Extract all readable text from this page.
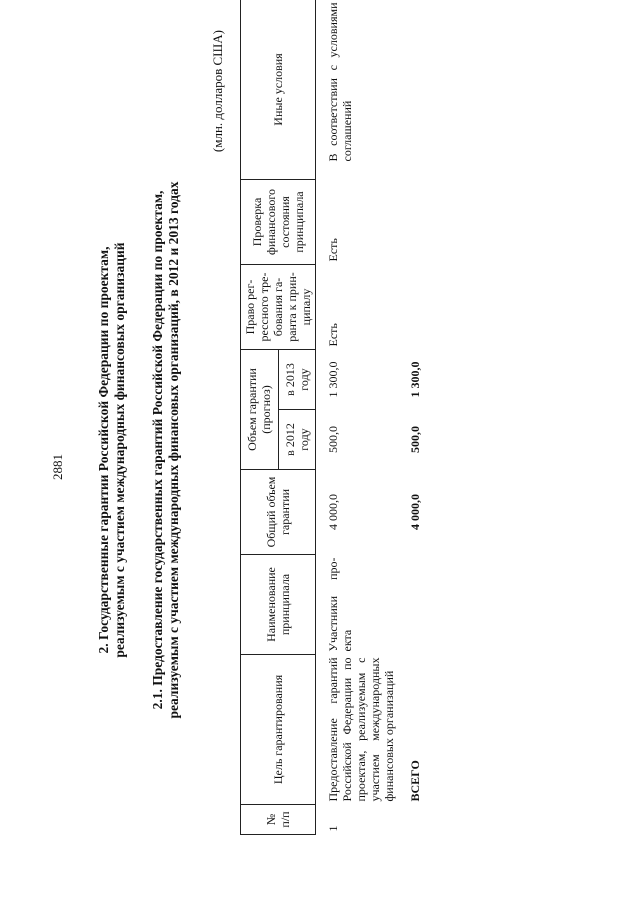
2881 2. Государственные гарантии Российской Федерации по проектам, реализуемым с участием международных финансовых организаций 2.1. Предоставление государственных гарантий Российской Федерации по проектам, реализуемым с участием международных финансовых организаций, в 2012 и 2013 годах
(млн. долларов США)
№ п/п	Цель гарантирования	Наименование принципала	Общий объем гарантии	Объем гарантии (прогноз)		Право регрессного требования гаранта к принципалу	Проверка финансового состояния принципала	Иные условия
				в 2012 году	в 2013 году			

1	Предоставление гарантий Российской Федерации по проектам, реализуемым с участием международных финансовых организаций	Участники проекта	4 000,0	500,0	1 300,0	Есть	Есть	В соответствии с условиями соглашений

	ВСЕГО		4 000,0	500,0	1 300,0			
